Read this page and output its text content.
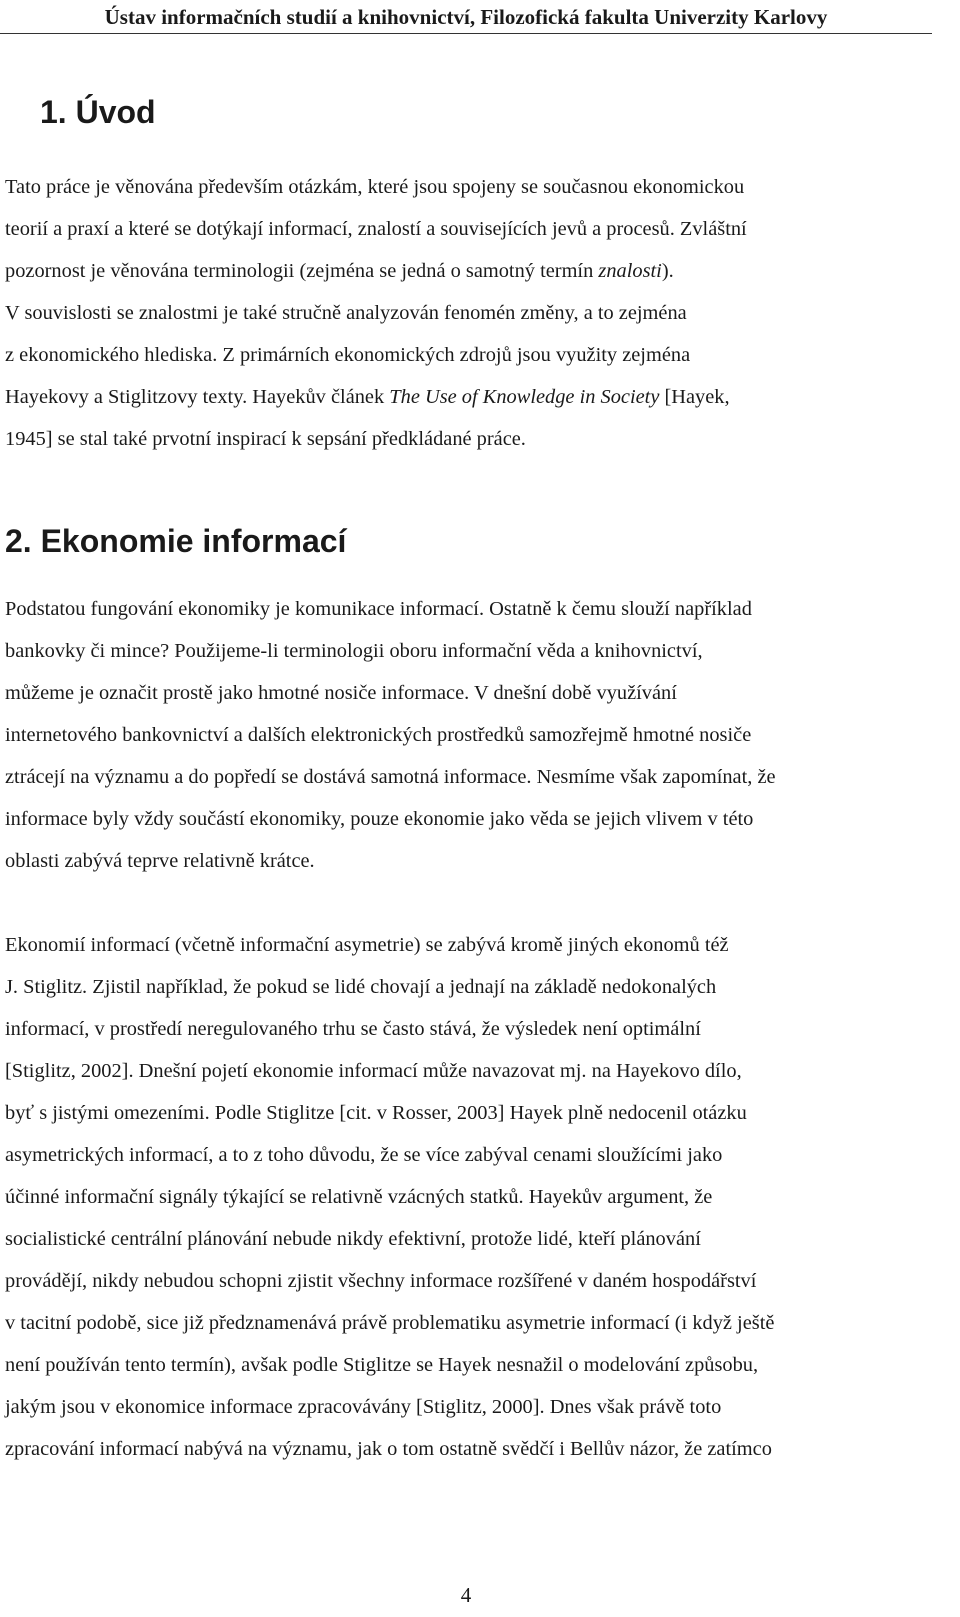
Ústav informačních studií a knihovnictví, Filozofická fakulta Univerzity Karlovy
1. Úvod
Tato práce je věnována především otázkám, které jsou spojeny se současnou ekonomickou
teorií a praxí a které se dotýkají informací, znalostí a souvisejících jevů a procesů. Zvláštní
pozornost je věnována terminologii (zejména se jedná o samotný termín znalosti).
V souvislosti se znalostmi je také stručně analyzován fenomén změny, a to zejména
z ekonomického hlediska. Z primárních ekonomických zdrojů jsou využity zejména
Hayekovy a Stiglitzovy texty. Hayekův článek The Use of Knowledge in Society [Hayek,
1945] se stal také prvotní inspirací k sepsání předkládané práce.
2. Ekonomie informací
Podstatou fungování ekonomiky je komunikace informací. Ostatně k čemu slouží například
bankovky či mince? Použijeme-li terminologii oboru informační věda a knihovnictví,
můžeme je označit prostě jako hmotné nosiče informace. V dnešní době využívání
internetového bankovnictví a dalších elektronických prostředků samozřejmě hmotné nosiče
ztrácejí na významu a do popředí se dostává samotná informace. Nesmíme však zapomínat, že
informace byly vždy součástí ekonomiky, pouze ekonomie jako věda se jejich vlivem v této
oblasti zabývá teprve relativně krátce.
Ekonomií informací (včetně informační asymetrie) se zabývá kromě jiných ekonomů též
J. Stiglitz. Zjistil například, že pokud se lidé chovají a jednají na základě nedokonalých
informací, v prostředí neregulovaného trhu se často stává, že výsledek není optimální
[Stiglitz, 2002]. Dnešní pojetí ekonomie informací může navazovat mj. na Hayekovo dílo,
byť s jistými omezeními. Podle Stiglitze [cit. v Rosser, 2003] Hayek plně nedocenil otázku
asymetrických informací, a to z toho důvodu, že se více zabýval cenami sloužícími jako
účinné informační signály týkající se relativně vzácných statků. Hayekův argument, že
socialistické centrální plánování nebude nikdy efektivní, protože lidé, kteří plánování
provádějí, nikdy nebudou schopni zjistit všechny informace rozšířené v daném hospodářství
v tacitní podobě, sice již předznamenává právě problematiku asymetrie informací (i když ještě
není používán tento termín), avšak podle Stiglitze se Hayek nesnažil o modelování způsobu,
jakým jsou v ekonomice informace zpracovávány [Stiglitz, 2000]. Dnes však právě toto
zpracování informací nabývá na významu, jak o tom ostatně svědčí i Bellův názor, že zatímco
4
